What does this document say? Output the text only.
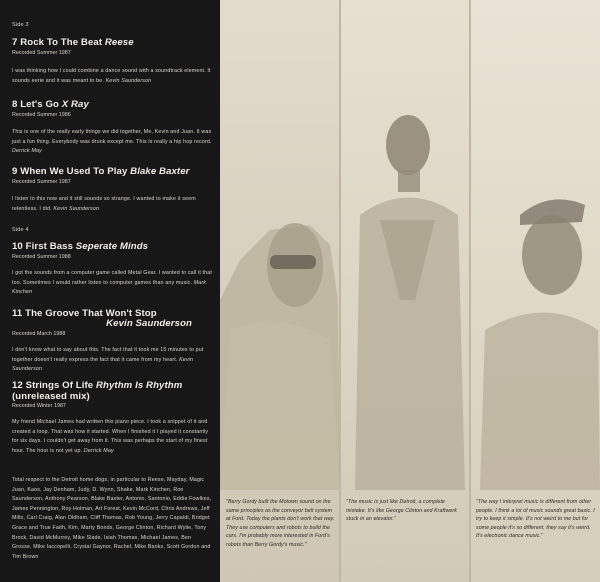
Side 3
7 Rock To The Beat Reese
Recorded Summer 1987
I was thinking how I could combine a dance sound with a soundtrack element. It sounds eerie and it was meant to be. Kevin Saunderson
8 Let's Go X Ray
Recorded Summer 1986
This is one of the really early things we did together, Me, Kevin and Juan. It was just a fun thing. Everybody was drunk except me. This is really a hip hop record. Derrick May
9 When We Used To Play Blake Baxter
Recorded Summer 1987
I listen to this now and it still sounds so strange. I wanted to make it seem relentless. I did. Kevin Saunderson
Side 4
10 First Bass Seperate Minds
Recorded Summer 1988
I got the sounds from a computer game called Metal Gear. I wanted to call it that too. Sometimes I would rather listen to computer games than any music. Mark Kinchen
11 The Groove That Won't Stop
Kevin Saunderson
Recorded March 1988
I don't know what to say about this. The fact that it took me 15 minutes to put together doesn't really express the fact that it came from my heart. Kevin Saunderson
12 Strings Of Life Rhythm Is Rhythm
(unreleased mix)
Recorded Winter 1987
My friend Michael James had written this piano piece. I took a snippet of it and created a loop. That was how it started. When I finished it I played it constantly for six days. I couldn't get away from it. This was perhaps the start of my finest hour. The hour is not yet up. Derrick May
Total respect to the Detroit home dogs, in particular to Reese, Mayday, Magic Juan, Kaos, Jay Denham, Judy, D. Wynn, Shake, Mark Kinchen, Ron Saunderson, Anthony Pearson, Blake Baxter, Antonio, Santonio, Eddie Fowlkes, James Pennington, Roy Holman, Art Forest, Kevin McCord, Chris Andrews, Jeff Mills, Carl Craig, Alan Oldham, Cliff Thomas, Rob Young, Jerry Capaldi, Bridget Grace and True Faith, Kim, Marty Bonds, George Clinton, Richard Wylie, Tony Brock, David McMurrey, Mike Slade, Isiah Thomas, Michael James, Ben Grosse, Mike Iaccopelli, Crystal Gaynor, Rachel, Mike Banks, Scott Gordon and Tim Brown
"Berry Gordy built the Motown sound on the same principles as the conveyor belt system at Ford. Today the plants don't work that way. They use computers and robots to build the cars. I'm probably more interested in Ford's robots than Berry Gordy's music."
"The music is just like Detroit, a complete mistake. It's like George Clinton and Kraftwerk stuck in an elevator."
"The way I interpret music is different from other people. I think a lot of music sounds great basic. I try to keep it simple. It's not weird to me but for some people it's so different, they say it's weird. It's electronic dance music."
